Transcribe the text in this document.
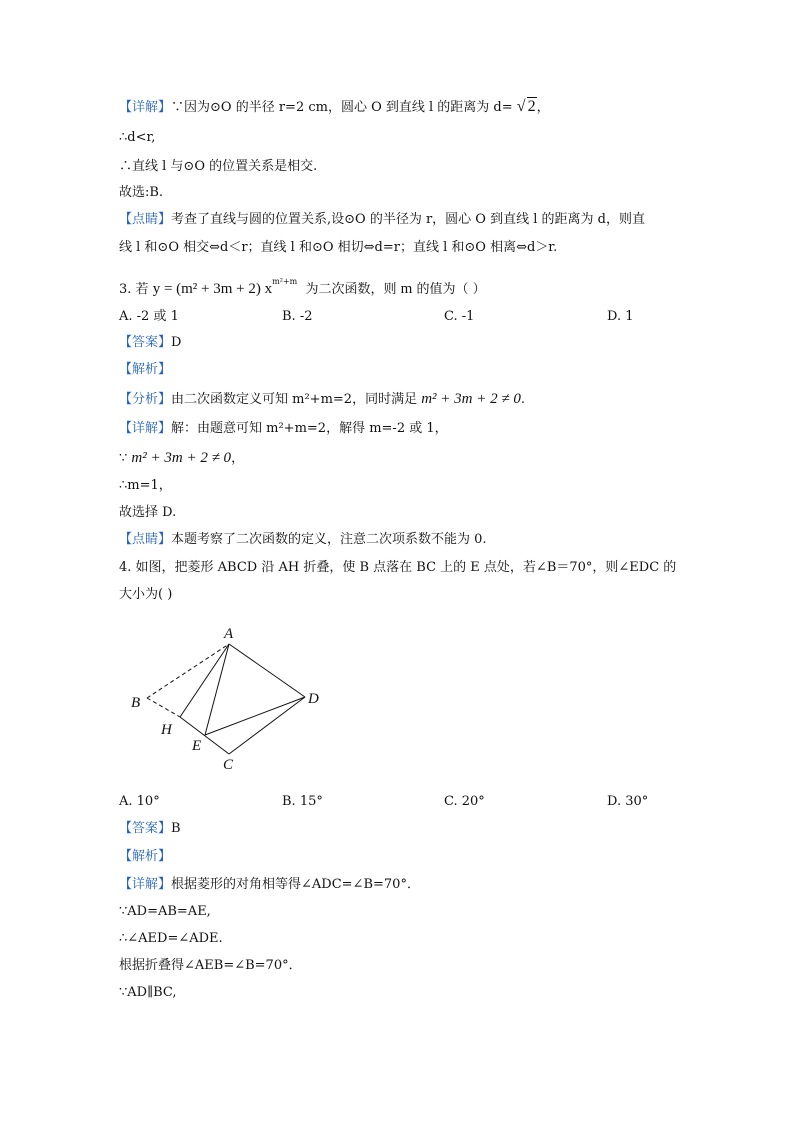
【详解】∵因为⊙O 的半径 r=2 cm，圆心 O 到直线 l 的距离为 d= √ 2，
∴d<r,
∴直线 l 与⊙O 的位置关系是相交.
故选:B.
【点睛】考查了直线与圆的位置关系,设⊙O 的半径为 r，圆心 O 到直线 l 的距离为 d，则直
线 l 和⊙O 相交⇔d＜r；直线 l 和⊙O 相切⇔d=r；直线 l 和⊙O 相离⇔d＞r.
3. 若 y = (m² + 3m + 2) $x^{m^2+m}$  为二次函数，则 m 的值为（ ）
A. -2 或 1	B. -2	C. -1	D. 1
【答案】D
【解析】
【分析】由二次函数定义可知 m²+m=2，同时满足 m² + 3m + 2 ≠ 0.
【详解】解：由题意可知 m²+m=2，解得 m=-2 或 1，
∵ m² + 3m + 2 ≠ 0，
∴m=1，
故选择 D.
【点睛】本题考察了二次函数的定义，注意二次项系数不能为 0.
4. 如图，把菱形 ABCD 沿 AH 折叠，使 B 点落在 BC 上的 E 点处，若∠B＝70°，则∠EDC 的
大小为( )
A
B
H
E
C
D
A. 10°	B. 15°	C. 20°	D. 30°
【答案】B
【解析】
【详解】根据菱形的对角相等得∠ADC=∠B=70°．
∵AD=AB=AE,
∴∠AED=∠ADE.
根据折叠得∠AEB=∠B=70°．
∵AD∥BC,
